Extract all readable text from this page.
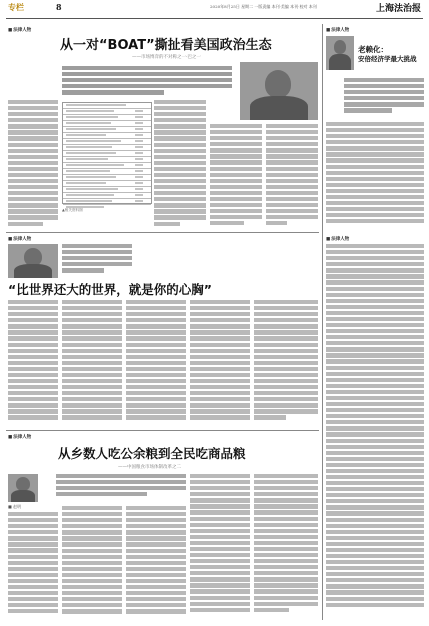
专栏	8	2020年8月25日 星期二 一版责编 本刊·美编 本刊·校对 本刊	上海法治报
■ 法律人物
从一对“BOAT”撕扯看美国政治生态
——市场博弈的不对称之一·巴之一
▲相关资料图
■ 法律人物
“比世界还大的世界，就是你的心胸”
■ 法律人物
从乡数人吃公余粮到全民吃商品粮
——中国粮食市场体制改革之二
■ 赵明
■ 法律人物
老赖化：
安倍经济学最大挑战
■ 法律人物
